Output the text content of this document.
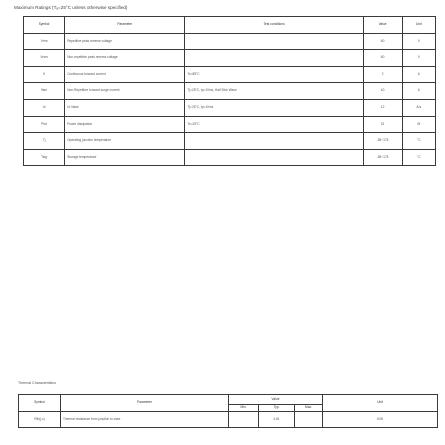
Maximum Ratings (Tₐ=25°C unless otherwise specified)
Symbol	Parameter	Test conditions	Value	Unit
Vrrm	Repetitive peak reverse voltage		60	V
Vrsm	Non-repetitive peak reverse voltage		60	V
If	Continuous forward current	Tc=85°C	2	A
Ifsm	Non-Repetitive forward surge current	Tj=25°C, tp=10ms, Half Sine Wave	40	A
I²t	I²t Value	Tj=25°C, tp=10ms	12	A²s
Ptot	Power dissipation	Tc=25°C	31	W
Tj	Operating junction temperature		-55~175	°C
Tstg	Storage temperature		-55~175	°C
Thermal Characteristics
Symbol	Parameter	Value			Unit
		Min.	Typ.	Max.	
Rth(j-c)	Thermal resistance from junction to case		4.81		K/W
